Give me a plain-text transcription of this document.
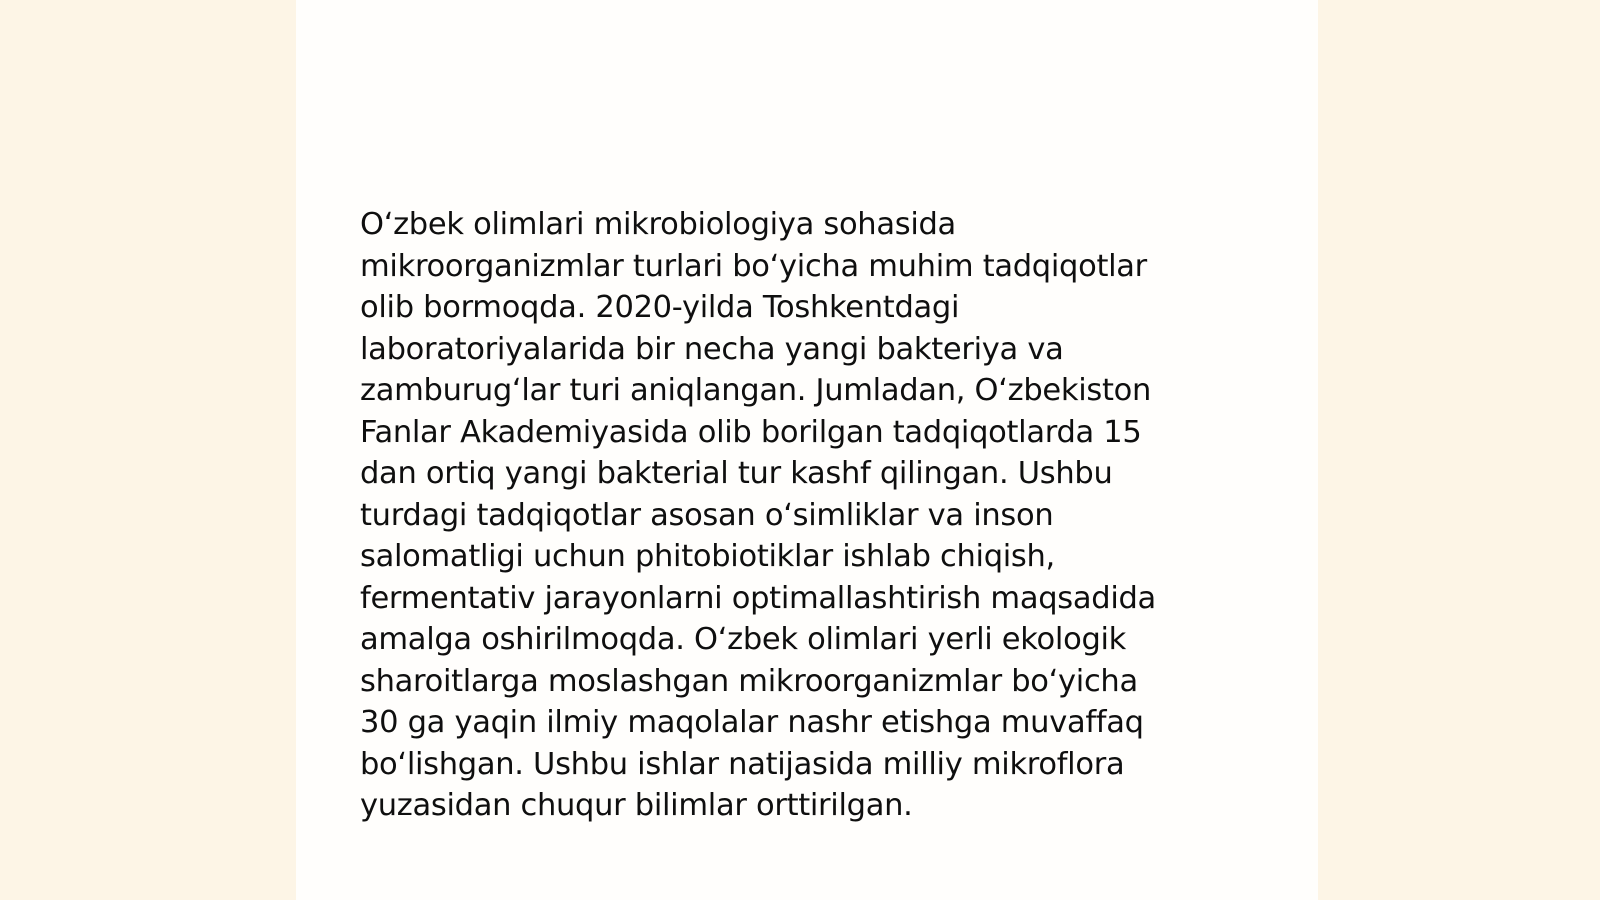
O‘zbek olimlari mikrobiologiya sohasida
mikroorganizmlar turlari bo‘yicha muhim tadqiqotlar
olib bormoqda. 2020-yilda Toshkentdagi
laboratoriyalarida bir necha yangi bakteriya va
zamburug‘lar turi aniqlangan. Jumladan, O‘zbekiston
Fanlar Akademiyasida olib borilgan tadqiqotlarda 15
dan ortiq yangi bakterial tur kashf qilingan. Ushbu
turdagi tadqiqotlar asosan o‘simliklar va inson
salomatligi uchun phitobiotiklar ishlab chiqish,
fermentativ jarayonlarni optimallashtirish maqsadida
amalga oshirilmoqda. O‘zbek olimlari yerli ekologik
sharoitlarga moslashgan mikroorganizmlar bo‘yicha
30 ga yaqin ilmiy maqolalar nashr etishga muvaffaq
bo‘lishgan. Ushbu ishlar natijasida milliy mikroflora
yuzasidan chuqur bilimlar orttirilgan.
